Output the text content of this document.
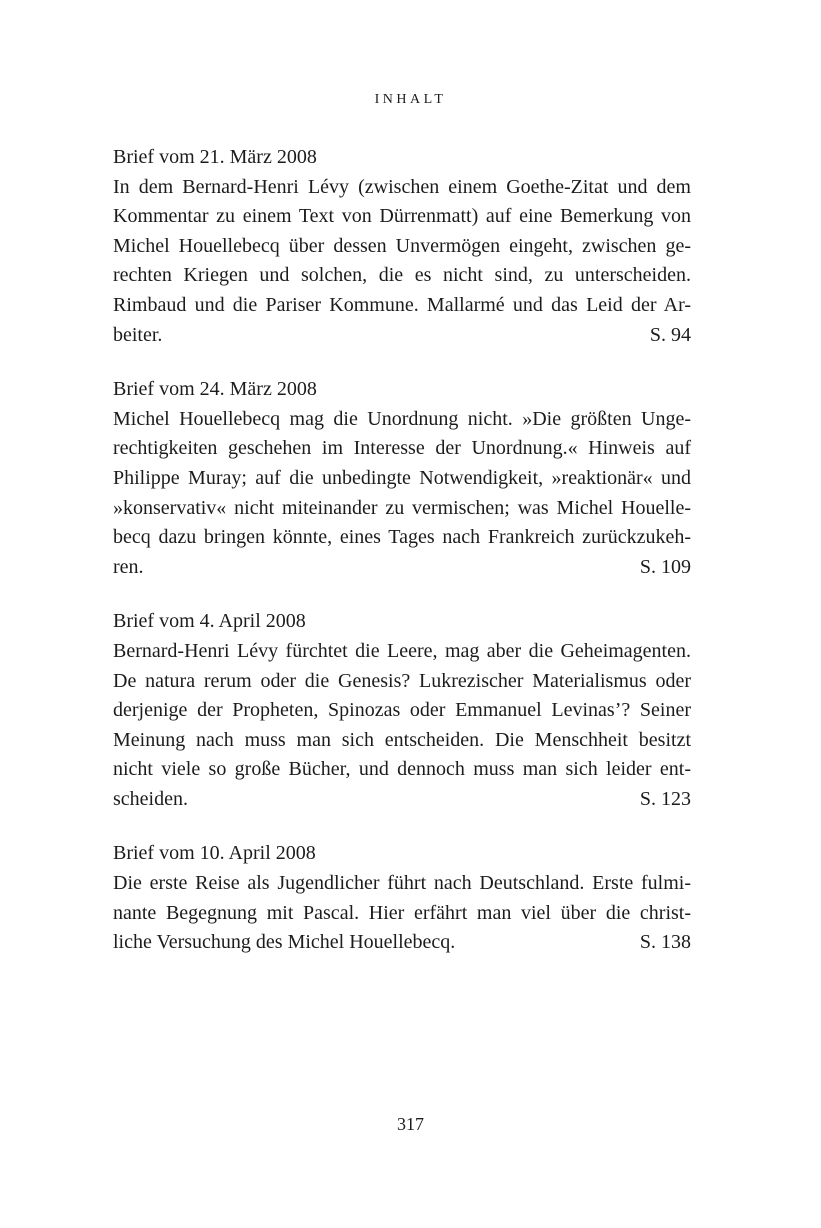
INHALT
Brief vom 21. März 2008
In dem Bernard-Henri Lévy (zwischen einem Goethe-Zitat und dem
Kommentar zu einem Text von Dürrenmatt) auf eine Bemerkung von
Michel Houellebecq über dessen Unvermögen eingeht, zwischen ge-
rechten Kriegen und solchen, die es nicht sind, zu unterscheiden.
Rimbaud und die Pariser Kommune. Mallarmé und das Leid der Ar-
beiter.	S. 94
Brief vom 24. März 2008
Michel Houellebecq mag die Unordnung nicht. »Die größten Unge-
rechtigkeiten geschehen im Interesse der Unordnung.« Hinweis auf
Philippe Muray; auf die unbedingte Notwendigkeit, »reaktionär« und
»konservativ« nicht miteinander zu vermischen; was Michel Houelle-
becq dazu bringen könnte, eines Tages nach Frankreich zurückzukeh-
ren.	S. 109
Brief vom 4. April 2008
Bernard-Henri Lévy fürchtet die Leere, mag aber die Geheimagenten.
De natura rerum oder die Genesis? Lukrezischer Materialismus oder
derjenige der Propheten, Spinozas oder Emmanuel Levinas’? Seiner
Meinung nach muss man sich entscheiden. Die Menschheit besitzt
nicht viele so große Bücher, und dennoch muss man sich leider ent-
scheiden.	S. 123
Brief vom 10. April 2008
Die erste Reise als Jugendlicher führt nach Deutschland. Erste fulmi-
nante Begegnung mit Pascal. Hier erfährt man viel über die christ-
liche Versuchung des Michel Houellebecq.	S. 138
317
